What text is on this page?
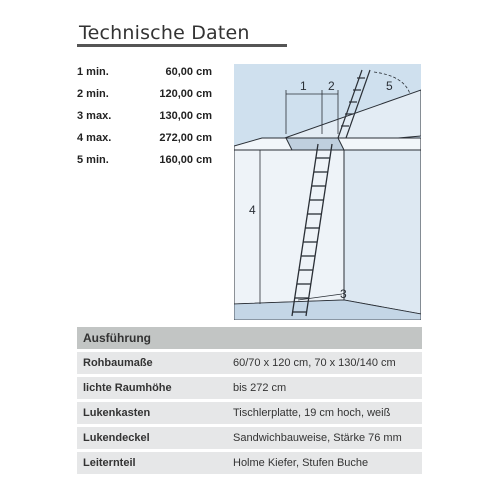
Technische Daten
1 min.	60,00 cm
2 min.	120,00 cm
3 max.	130,00 cm
4 max.	272,00 cm
5 min.	160,00 cm
1 2
3
4
5
Ausführung
Rohbaumaße	60/70 x 120 cm, 70 x 130/140 cm
lichte Raumhöhe	bis 272 cm
Lukenkasten	Tischlerplatte, 19 cm hoch, weiß
Lukendeckel	Sandwichbauweise, Stärke 76 mm
Leiternteil	Holme Kiefer, Stufen Buche
